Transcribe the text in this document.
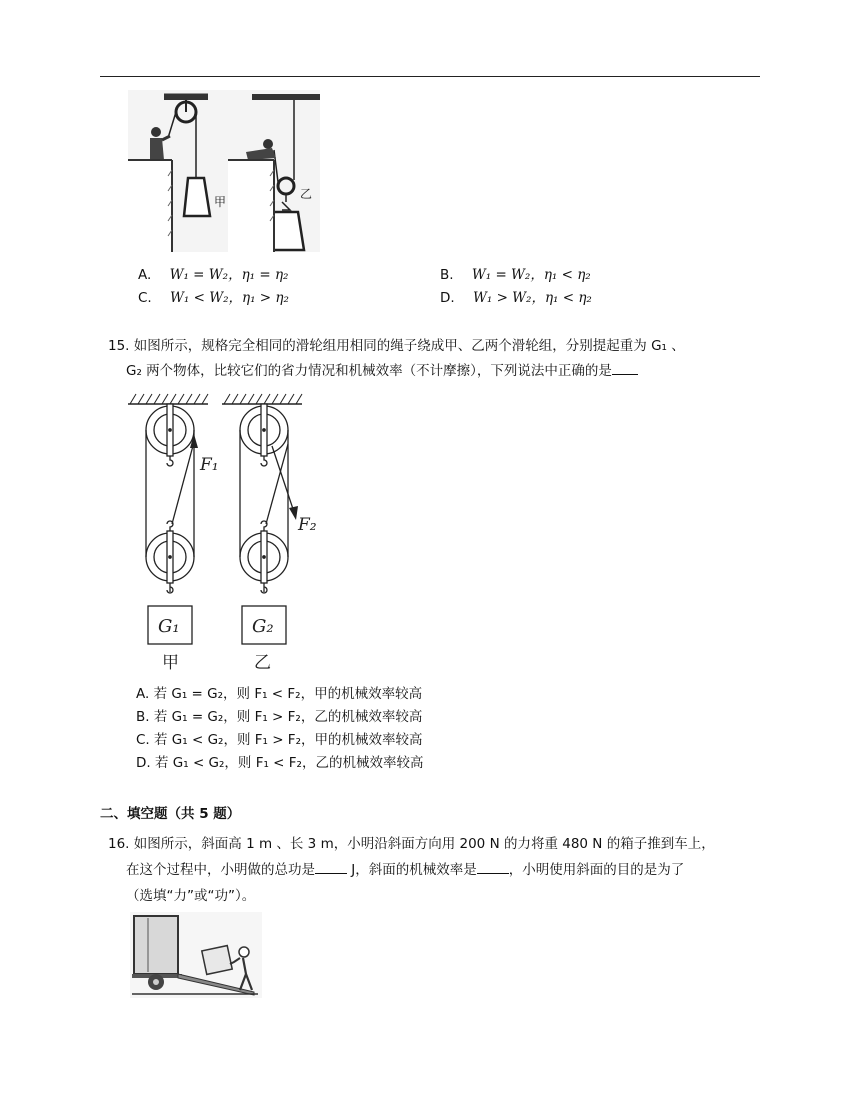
甲
乙
A. W₁ = W₂，η₁ = η₂	B. W₁ = W₂，η₁ < η₂
C. W₁ < W₂，η₁ > η₂	D. W₁ > W₂，η₁ < η₂
15. 如图所示，规格完全相同的滑轮组用相同的绳子绕成甲、乙两个滑轮组，分别提起重为 G₁ 、
G₂ 两个物体，比较它们的省力情况和机械效率（不计摩擦），下列说法中正确的是
F₁
G₁
甲
F₂
G₂
乙
A. 若 G₁ = G₂，则 F₁ < F₂，甲的机械效率较高
B. 若 G₁ = G₂，则 F₁ > F₂，乙的机械效率较高
C. 若 G₁ < G₂，则 F₁ > F₂，甲的机械效率较高
D. 若 G₁ < G₂，则 F₁ < F₂，乙的机械效率较高
二、填空题（共 5 题）
16. 如图所示，斜面高 1 m 、长 3 m，小明沿斜面方向用 200 N 的力将重 480 N 的箱子推到车上，
在这个过程中，小明做的总功是 J，斜面的机械效率是 ，小明使用斜面的目的是为了
（选填“力”或“功”）。
